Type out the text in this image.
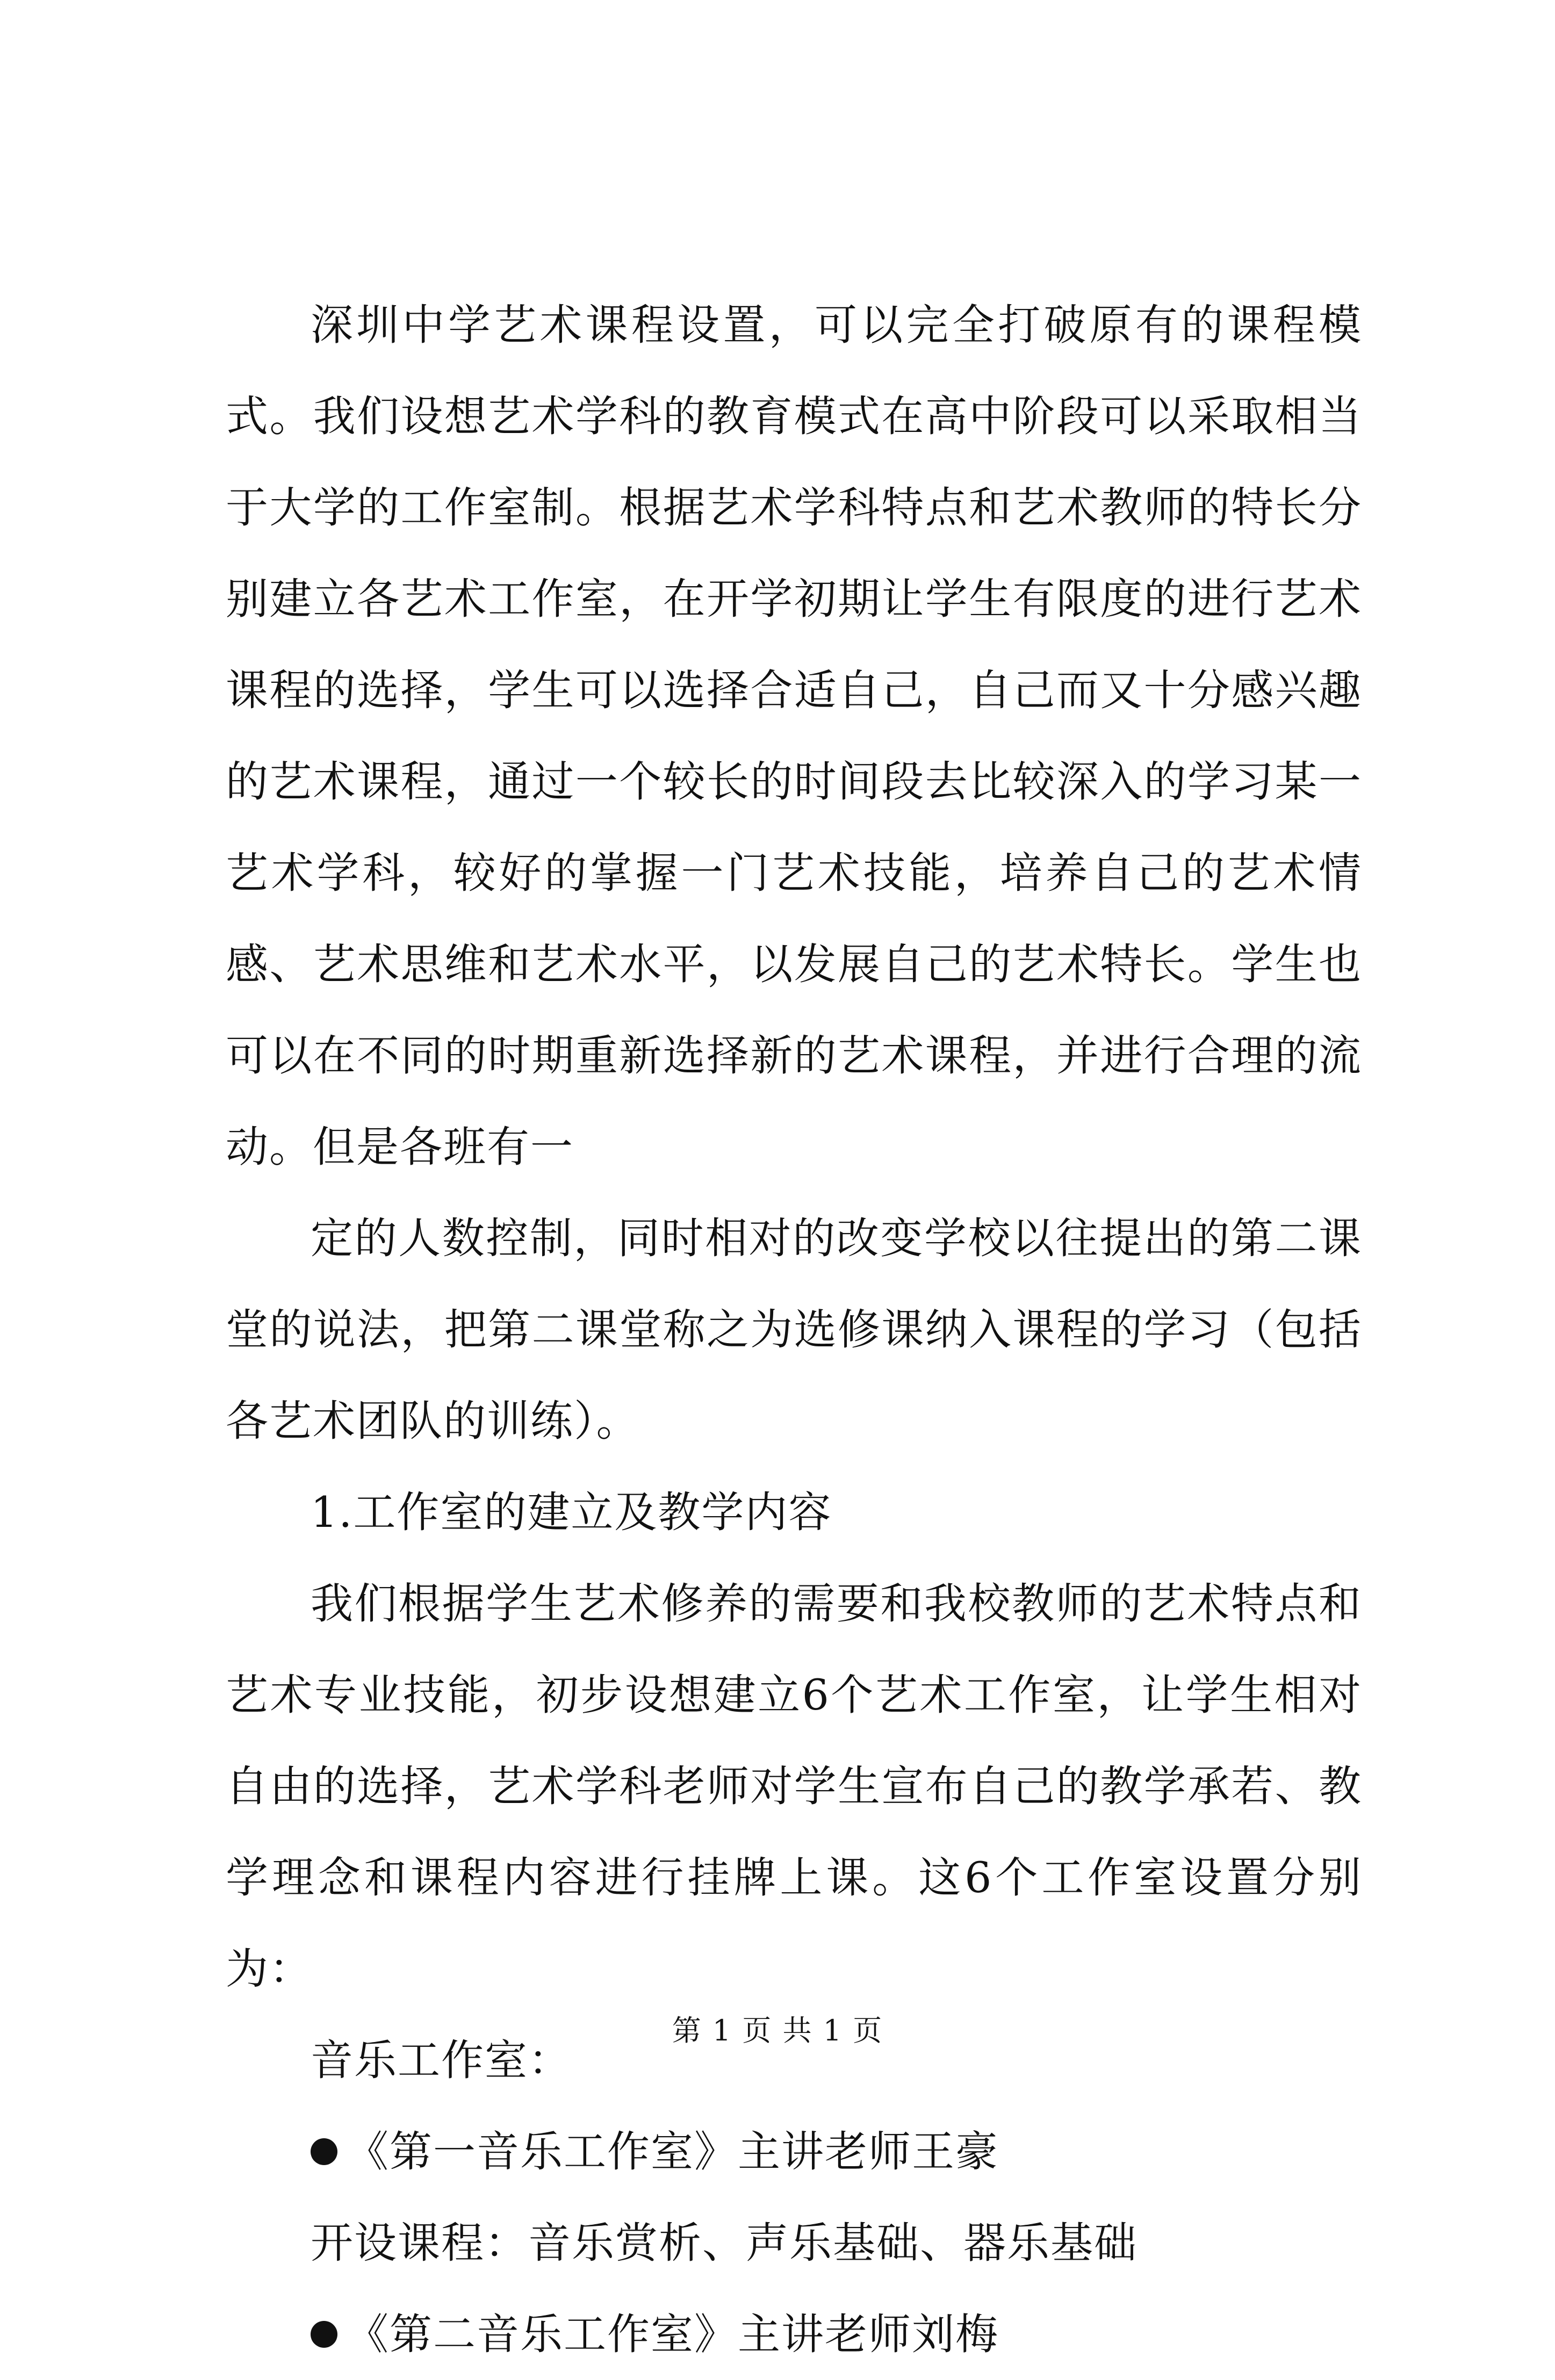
深圳中学艺术课程设置，可以完全打破原有的课程模式。我们设想艺术学科的教育模式在高中阶段可以采取相当于大学的工作室制。根据艺术学科特点和艺术教师的特长分别建立各艺术工作室，在开学初期让学生有限度的进行艺术课程的选择，学生可以选择合适自己，自己而又十分感兴趣的艺术课程，通过一个较长的时间段去比较深入的学习某一艺术学科，较好的掌握一门艺术技能，培养自己的艺术情感、艺术思维和艺术水平，以发展自己的艺术特长。学生也可以在不同的时期重新选择新的艺术课程，并进行合理的流动。但是各班有一

定的人数控制，同时相对的改变学校以往提出的第二课堂的说法，把第二课堂称之为选修课纳入课程的学习（包括各艺术团队的训练）。

1.工作室的建立及教学内容

我们根据学生艺术修养的需要和我校教师的艺术特点和艺术专业技能，初步设想建立6个艺术工作室，让学生相对自由的选择，艺术学科老师对学生宣布自己的教学承若、教学理念和课程内容进行挂牌上课。这6个工作室设置分别为：

音乐工作室：

《第一音乐工作室》主讲老师王豪

开设课程：音乐赏析、声乐基础、器乐基础

《第二音乐工作室》主讲老师刘梅

第 1 页 共 1 页
